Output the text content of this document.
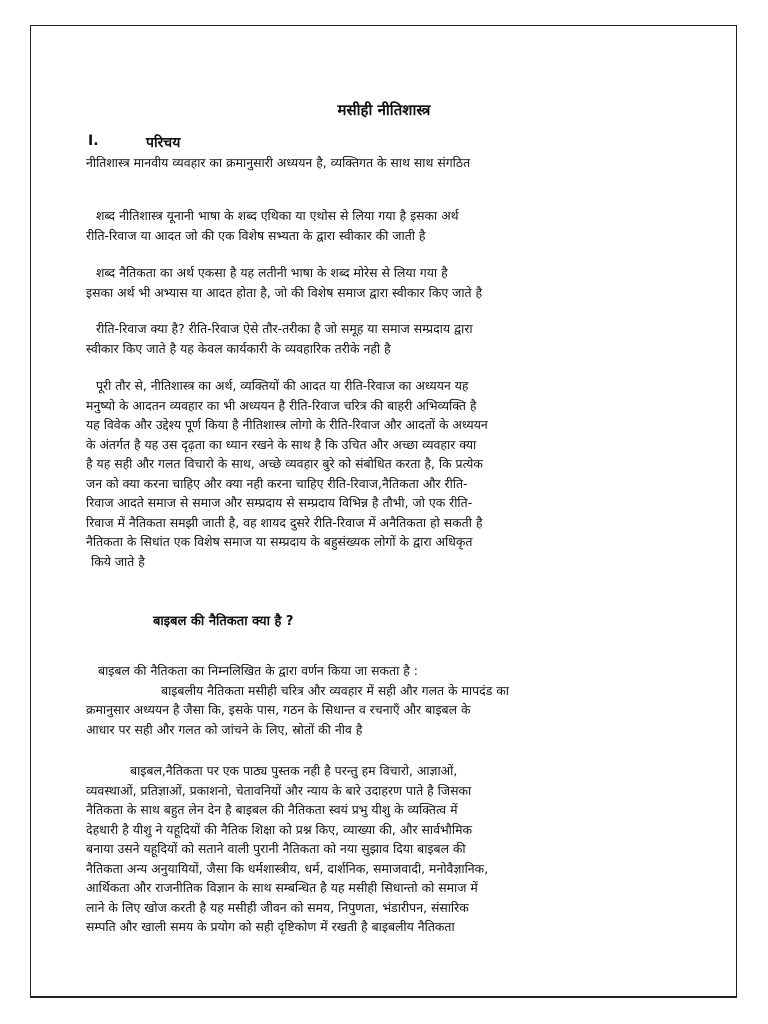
मसीही नीतिशास्त्र
I.	परिचय

नीतिशास्त्र मानवीय व्यवहार का क्रमानुसारी अध्ययन है, व्यक्तिगत के साथ साथ संगठित

शब्द नीतिशास्त्र यूनानी भाषा के शब्द एथिका या एथोस से लिया गया है इसका अर्थ

रीति-रिवाज या आदत जो की एक विशेष सभ्यता के द्वारा स्वीकार की जाती है

शब्द नैतिकता का अर्थ एकसा है यह लतीनी भाषा के शब्द मोरेस से लिया गया है

इसका अर्थ भी अभ्यास या आदत होता है, जो की विशेष समाज द्वारा स्वीकार किए जाते है

रीति-रिवाज क्या है? रीति-रिवाज ऐसे तौर-तरीका है जो समूह या समाज सम्प्रदाय द्वारा

स्वीकार किए जाते है यह केवल कार्यकारी के व्यवहारिक तरीके नही है

पूरी तौर से, नीतिशास्त्र का अर्थ, व्यक्तियों की आदत या रीति-रिवाज का अध्ययन यह

मनुष्यो के आदतन व्यवहार का भी अध्ययन है रीति-रिवाज चरित्र की बाहरी अभिव्यक्ति है

यह विवेक और उद्देश्य पूर्ण किया है नीतिशास्त्र लोगो के रीति-रिवाज और आदतों के अध्ययन

के अंतर्गत है यह उस दृढ़ता का ध्यान रखने के साथ है कि उचित और अच्छा व्यवहार क्या

है यह सही और गलत विचारो के साथ, अच्छे व्यवहार बुरे को संबोधित करता है, कि प्रत्येक

जन को क्या करना चाहिए और क्या नही करना चाहिए रीति-रिवाज,नैतिकता और रीति-

रिवाज आदते समाज से समाज और सम्प्रदाय से सम्प्रदाय विभिन्न है तौभी, जो एक रीति-

रिवाज में नैतिकता समझी जाती है, वह शायद दुसरे रीति-रिवाज में अनैतिकता हो सकती है

नैतिकता के सिधांत एक विशेष समाज या सम्प्रदाय के बहुसंख्यक लोगों के द्वारा अधिकृत

किये जाते है

बाइबल की नैतिकता क्या है ?

बाइबल की नैतिकता का निम्नलिखित के द्वारा वर्णन किया जा सकता है :

बाइबलीय नैतिकता मसीही चरित्र और व्यवहार में सही और गलत के मापदंड का

क्रमानुसार अध्ययन है जैसा कि, इसके पास, गठन के सिधान्त व रचनाएँ और बाइबल के

आधार पर सही और गलत को जांचने के लिए, स्रोतों की नीव है

बाइबल,नैतिकता पर एक पाठ्य पुस्तक नही है परन्तु हम विचारो, आज्ञाओं,

व्यवस्थाओं, प्रतिज्ञाओं, प्रकाशनो, चेतावनियों और न्याय के बारे उदाहरण पाते है जिसका

नैतिकता के साथ बहुत लेन देन है बाइबल की नैतिकता स्वयं प्रभु यीशु के व्यक्तित्व में

देहधारी है यीशु ने यहूदियों की नैतिक शिक्षा को प्रश्न किए, व्याख्या की, और सार्वभौमिक

बनाया उसने यहूदियों को सताने वाली पुरानी नैतिकता को नया सुझाव दिया बाइबल की

नैतिकता अन्य अनुयायियों, जैसा कि धर्मशास्त्रीय, धर्म, दार्शनिक, समाजवादी, मनोवैज्ञानिक,

आर्थिकता और राजनीतिक विज्ञान के साथ सम्बन्धित है यह मसीही सिधान्तो को समाज में

लाने के लिए खोज करती है यह मसीही जीवन को समय, निपुणता, भंडारीपन, संसारिक

सम्पति और खाली समय के प्रयोग को सही दृष्टिकोण में रखती है बाइबलीय नैतिकता
